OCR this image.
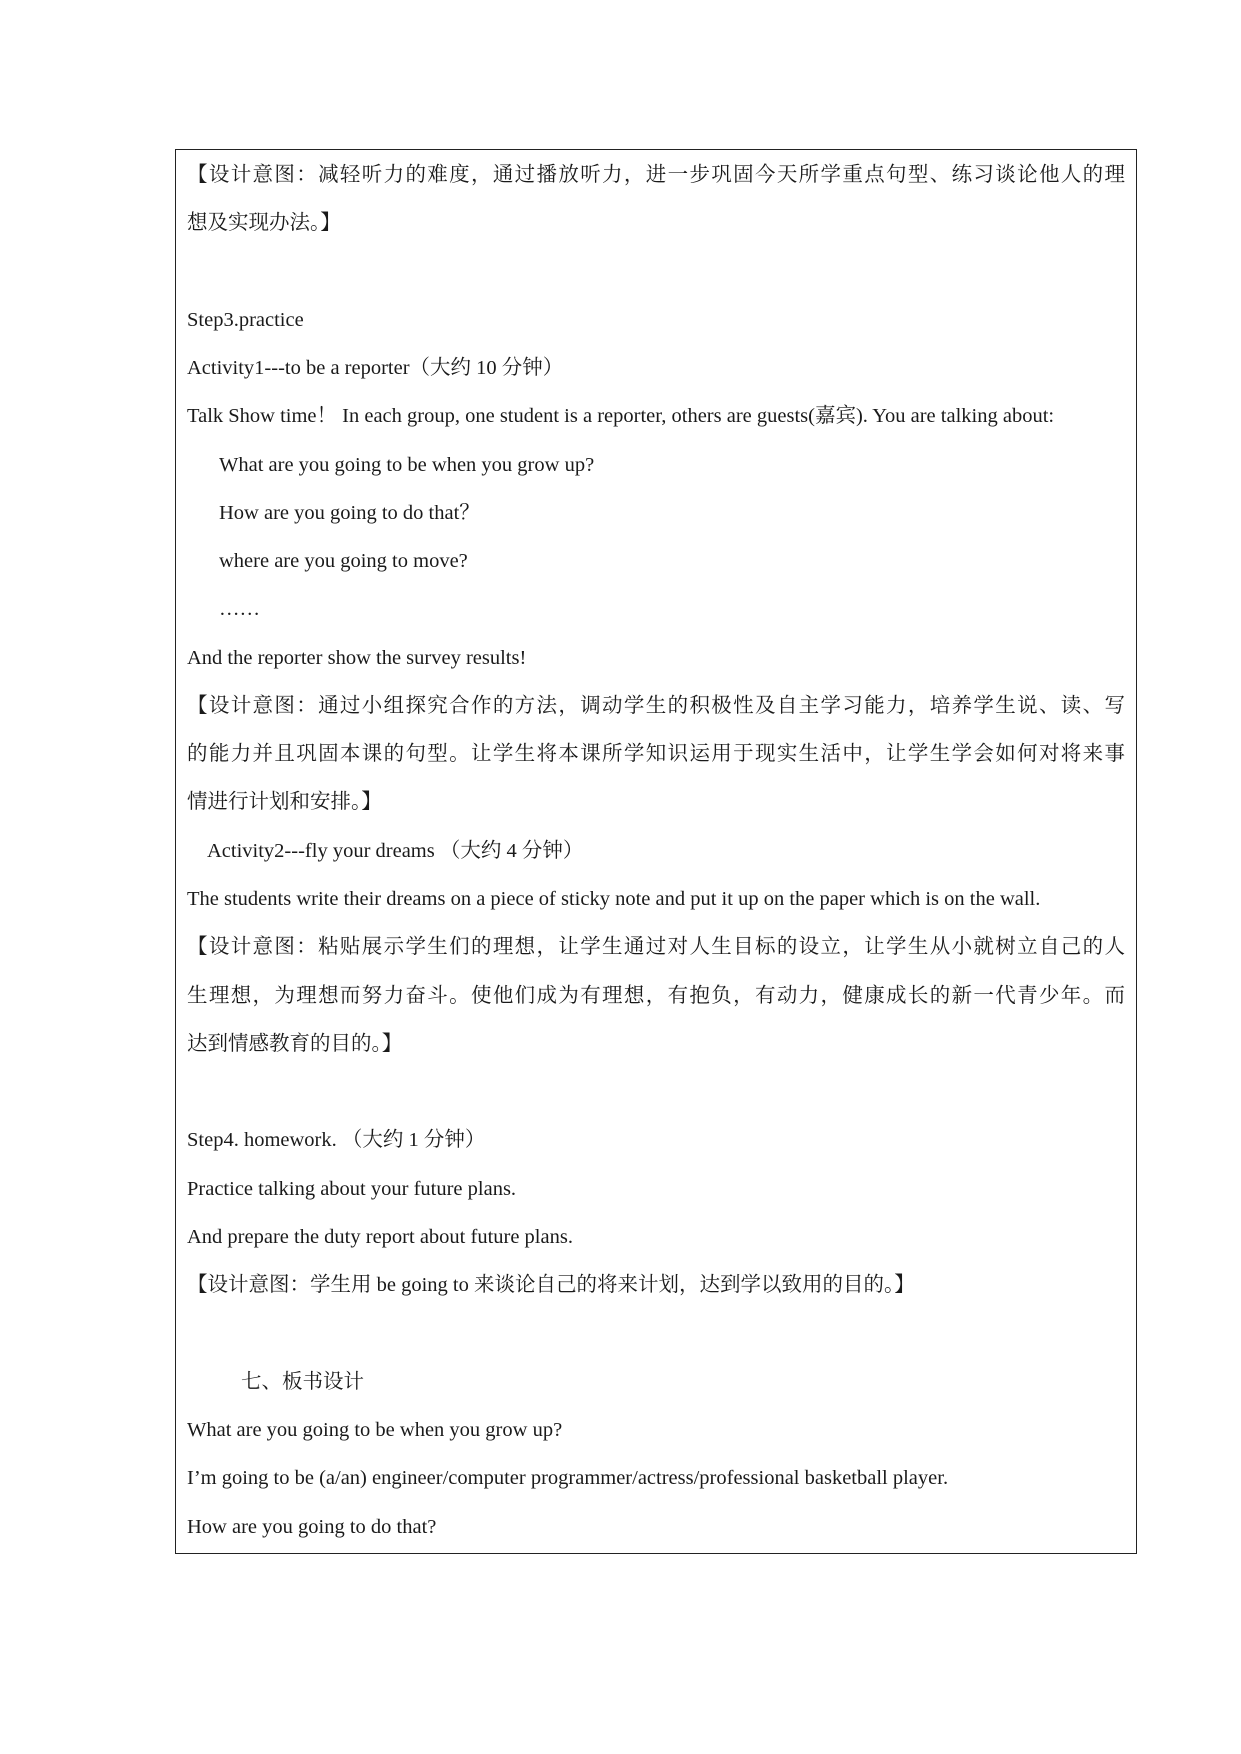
【设计意图：减轻听力的难度，通过播放听力，进一步巩固今天所学重点句型、练习谈论他人的理
想及实现办法。】
Step3.practice
Activity1---to be a reporter（大约 10 分钟）
Talk Show time！ In each group, one student is a reporter, others are guests(嘉宾). You are talking about:
What are you going to be when you grow up?
How are you going to do that？
where are you going to move?
……
And the reporter show the survey results!
【设计意图：通过小组探究合作的方法，调动学生的积极性及自主学习能力，培养学生说、读、写
的能力并且巩固本课的句型。让学生将本课所学知识运用于现实生活中，让学生学会如何对将来事
情进行计划和安排。】
Activity2---fly your dreams （大约 4 分钟）
The students write their dreams on a piece of sticky note and put it up on the paper which is on the wall.
【设计意图：粘贴展示学生们的理想，让学生通过对人生目标的设立，让学生从小就树立自己的人
生理想，为理想而努力奋斗。使他们成为有理想，有抱负，有动力，健康成长的新一代青少年。而
达到情感教育的目的。】
Step4. homework. （大约 1 分钟）
Practice talking about your future plans.
And prepare the duty report about future plans.
【设计意图：学生用 be going to 来谈论自己的将来计划，达到学以致用的目的。】
七、板书设计
What are you going to be when you grow up?
I’m going to be (a/an) engineer/computer programmer/actress/professional basketball player.
How are you going to do that?
